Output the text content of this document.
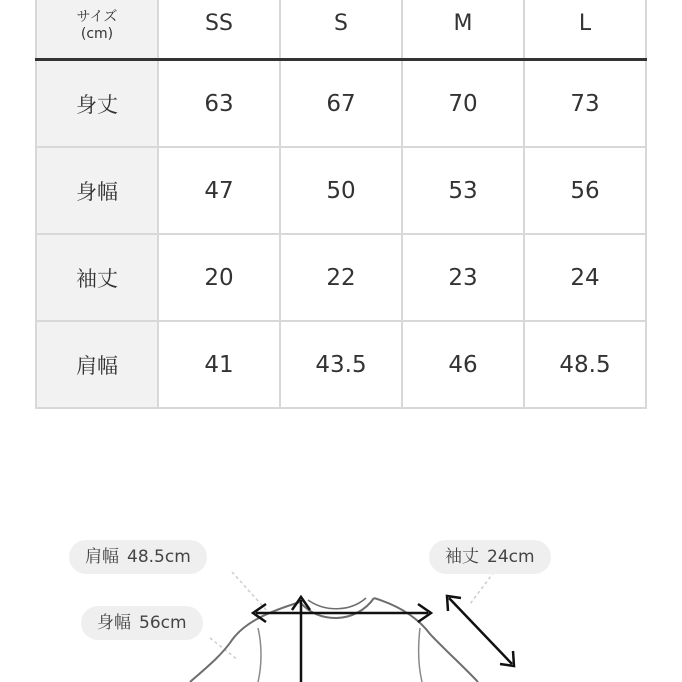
サイズ
(cm)	SS	S	M	L
身丈	63	67	70	73
身幅	47	50	53	56
袖丈	20	22	23	24
肩幅	41	43.5	46	48.5
肩幅 48.5cm	袖丈 24cm
身幅 56cm
